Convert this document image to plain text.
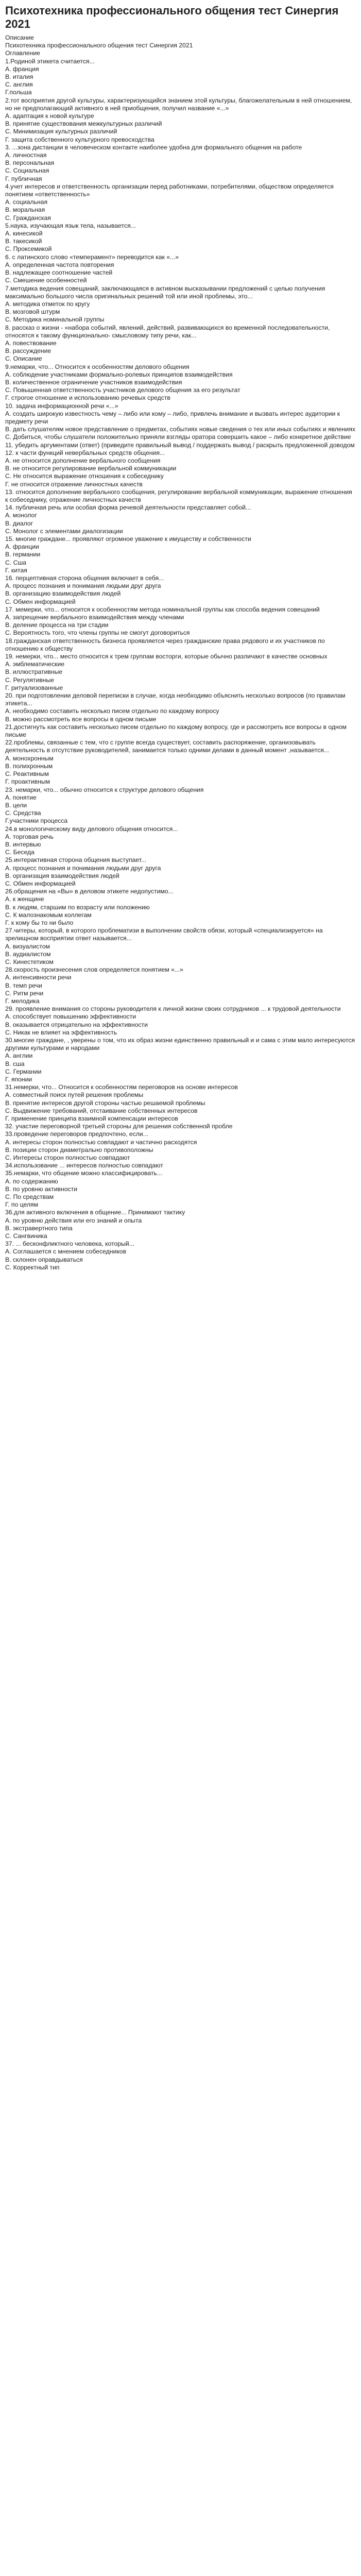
Психотехника профессионального общения тест Синергия 2021

Описание

Психотехника профессионального общения тест Синергия 2021

Оглавление

1.Родиной этикета считается...

A. франция

B. италия

C. англия

Г.польша

2.тот восприятия другой культуры, характеризующийся знанием этой культуры, благожелательным в ней отношением, но не предполагающий активного в ней приобщения, получил название «...»

A. адаптация к новой культуре

B. принятие существования межкультурных различий

C. Минимизация культурных различий

Г. защита собственного культурного превосходства

3. ...зона дистанции в человеческом контакте наиболее удобна для формального общения на работе

A. личностная

B. персональная

C. Социальная

Г. публичная

4.учет интересов и ответственность организации перед работниками, потребителями, обществом определяется понятием «ответственность»

A. социальная

B. моральная

C. Гражданская

5.наука, изучающая язык тела, называется...

A. кинесикой

B. такесикой

C. Проксемикой

6. с латинского слово «темперамент» переводится как «...»

A. определенная частота повторения

B. надлежащее соотношение частей

C. Смешение особенностей

7.методика ведения совещаний, заключающаяся в активном высказывании предложений с целью получения максимально большого числа оригинальных решений той или иной проблемы, это...

A. методика отметок по кругу

B. мозговой штурм

C. Методика номинальной группы

8. рассказ о жизни - «набора событий, явлений, действий, развивающихся во временной последовательности, относятся к такому функционально- смысловому типу речи, как...

A. повествование

B. рассуждение

C. Описание

9.немарки, что... Относится к особенностям делового общения

A. соблюдение участниками формально-ролевых принципов взаимодействия

B. количественное ограничение участников взаимодействия

C. Повышенная ответственность участников делового общения за его результат

Г. строгое отношение и использованию речевых средств

10. задача информационной речи «...»

A. создать широкую известность чему – либо или кому – либо, привлечь внимание и вызвать интерес аудитории к предмету речи

B. дать слушателям новое представление о предметах, событиях новые сведения о тех или иных событиях и явлениях

C. Добиться, чтобы слушатели положительно приняли взгляды оратора совершить какое – либо конкретное действие

11. убедить аргументами (ответ) (приведите правильный вывод / поддержать вывод / раскрыть предложенной доводом

12. к части функций невербальных средств общения...

A. не относится дополнение вербального сообщения

B. не относится регулирование вербальной коммуникации

C. Не относится выражение отношения к собеседнику

Г. не относится отражение личностных качеств

13. относится дополнение вербального сообщения, регулирование вербальной коммуникации, выражение отношения к собеседнику, отражение личностных качеств

14. публичная речь или особая форма речевой деятельности представляет собой...

A. монолог

B. диалог

C. Монолог с элементами диалогизации

15. многие граждане... проявляют огромное уважение к имуществу и собственности

A. франции

B. германии

C. Сша

Г. китая

16. перцептивная сторона общения включает в себя...

A. процесс познания и понимания людьми друг друга

B. организацию взаимодействия людей

C. Обмен информацией

17. мемерки, что... относится к особенностям метода номинальной группы как способа ведения совещаний

A. запрещение вербального взаимодействия между членами

B. деление процесса на три стадии

C. Вероятность того, что члены группы не смогут договориться

18.гражданская ответственность бизнеса проявляется через гражданские права рядового и их участников по отношению к обществу

19. немерки, что... место относится к трем группам восторги, которые обычно различают в качестве основных

A. эмблематические

B. иллюстративные

C. Регулятивные

Г. ритуализованные

20. при подготовлении деловой переписки в случае, когда необходимо объяснить несколько вопросов (по правилам этикета...

A. необходимо составить несколько писем отдельно по каждому вопросу

B. можно рассмотреть все вопросы в одном письме

21.достигнуть как составить несколько писем отдельно по каждому вопросу, где и рассмотреть все вопросы в одном письме

22.проблемы, связанные с тем, что с группе всегда существует, составить распоряжение, организовывать деятельность в отсутствие руководителей, занимается только одними делами в данный момент ,называется...

A. монохронным

B. полихронным

C. Реактивным

Г. проактивным

23. немарки, что... обычно относится к структуре делового общения

A. понятие

B. цели

C. Средства

Г.участники процесса

24.в монологическому виду делового общения относится...

A. торговая речь

B. интервью

C. Беседа

25.интерактивная сторона общения выступает...

A. процесс познания и понимания людьми друг друга

B. организация взаимодействия людей

C. Обмен информацией

26.обращения на «Вы» в деловом этикете недопустимо...

A. к женщине

B. к людям, старшим по возрасту или положению

C. К малознакомым коллегам

Г. к кому бы то ни было

27.читеры, который, в которого проблематизи в выполнении свойств обязи, который «специализируется» на зрелищном восприятии ответ называется...

A. визуалистом

B. аудиалистом

C. Кинестетиком

28.скорость произнесения слов определяется понятием «...»

A. интенсивности речи

B. темп речи

C. Ритм речи

Г. мелодика

29. проявление внимания со стороны руководителя к личной жизни своих сотрудников ... к трудовой деятельности

A. способствует повышению эффективности

B. оказывается отрицательно на эффективности

C. Никак не влияет на эффективность

30.многие граждане, , уверены о том, что их образ жизни единственно правильный и и сама с этим мало интересуются другими культурами и народами

A. англии

B. сша

C. Германии

Г. японии

31.немерки, что... Относится к особенностям переговоров на основе интересов

A. совместный поиск путей решения проблемы

B. принятие интересов другой стороны частью решаемой проблемы

C. Выдвижение требований, отстаивание собственных интересов

Г. применение принципа взаимной компенсации интересов

32. участие переговорной третьей стороны для решения собственной пробле

33.проведение переговоров предпочтено, если...

A. интересы сторон полностью совпадают и частично расходятся

B. позиции сторон диаметрально противоположны

C. Интересы сторон полностью совпадают

34.использование ... интересов полностью совпадают

35.немарки, что общение можно классифицировать...

A. по содержанию

B. по уровню активности

C. По средствам

Г. по целям

36.для активного включения в общение... Принимают тактику

A. по уровню действия или его знаний и опыта

B. экстравертного типа

C. Сангвиника

37. ... бесконфликтного человека, который...

A. Соглашается с мнением собеседников

B. склонен оправдываться

C. Корректный тип
